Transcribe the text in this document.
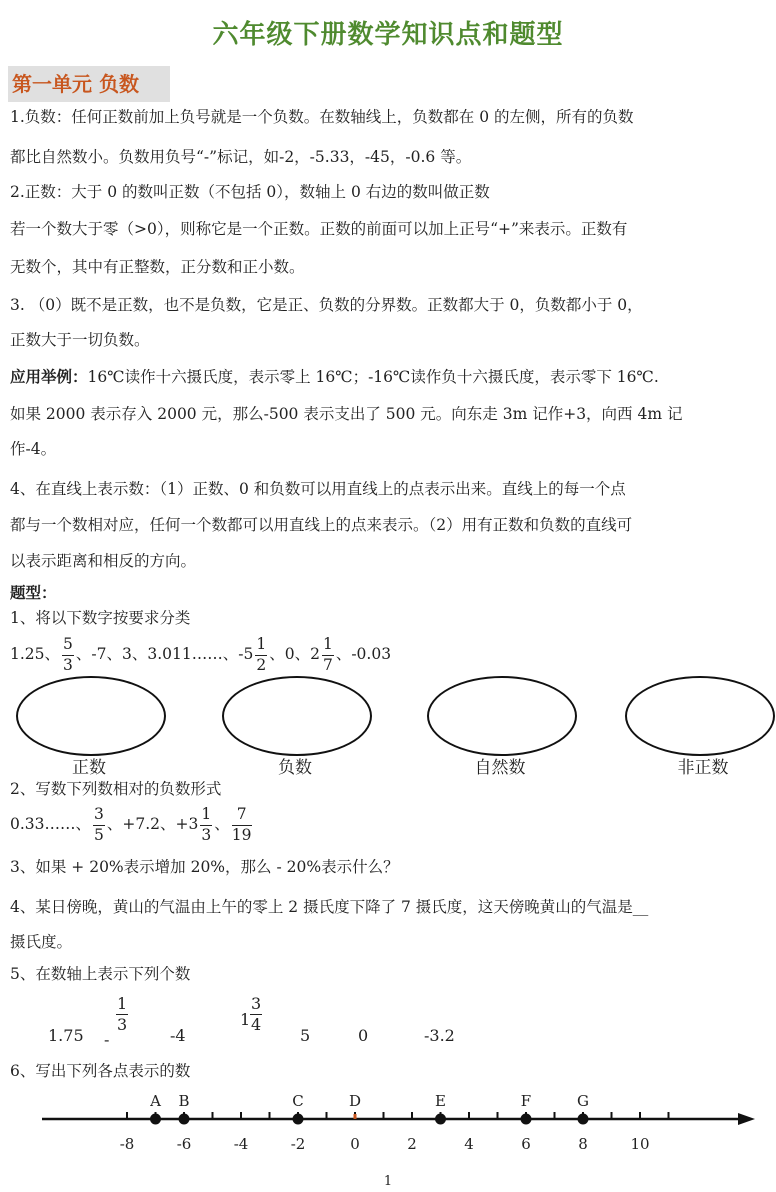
六年级下册数学知识点和题型
第一单元 负数
1.负数：任何正数前加上负号就是一个负数。在数轴线上，负数都在 0 的左侧，所有的负数
都比自然数小。负数用负号“-”标记，如-2，-5.33，-45，-0.6 等。
2.正数：大于 0 的数叫正数（不包括 0），数轴上 0 右边的数叫做正数
若一个数大于零（>0），则称它是一个正数。正数的前面可以加上正号“+”来表示。正数有
无数个，其中有正整数，正分数和正小数。
3. （0）既不是正数，也不是负数，它是正、负数的分界数。正数都大于 0，负数都小于 0，
正数大于一切负数。
应用举例：16℃读作十六摄氏度，表示零上 16℃；-16℃读作负十六摄氏度，表示零下 16℃.
如果 2000 表示存入 2000 元，那么-500 表示支出了 500 元。向东走 3m 记作+3，向西 4m 记
作-4。
4、在直线上表示数：（1）正数、0 和负数可以用直线上的点表示出来。直线上的每一个点
都与一个数相对应，任何一个数都可以用直线上的点来表示。（2）用有正数和负数的直线可
以表示距离和相反的方向。
题型：
1、将以下数字按要求分类
1.25、 $\frac{5}{3}$ 、-7、3、3.011……、$-5 \frac{1}{2}$ 、0、$2 \frac{1}{7}$ 、-0.03
正数	负数	自然数	非正数
2、写数下列数相对的负数形式
0.33……、 $\frac{3}{5}$ 、+7.2、$+3 \frac{1}{3}$ 、 $\frac{7}{19}$
3、如果 + 20%表示增加 20%，那么 - 20%表示什么？
4、某日傍晚，黄山的气温由上午的零上 2 摄氏度下降了 7 摄氏度，这天傍晚黄山的气温是__
摄氏度。
5、在数轴上表示下列个数
1.75 -
$\frac{1}{3}$
-4
$1 \frac{3}{4}$
5	0	-3.2
6、写出下列各点表示的数
-8	-6	-4	-2	0	2	4	6	8	10
A B	C	D	E	F	G
1
